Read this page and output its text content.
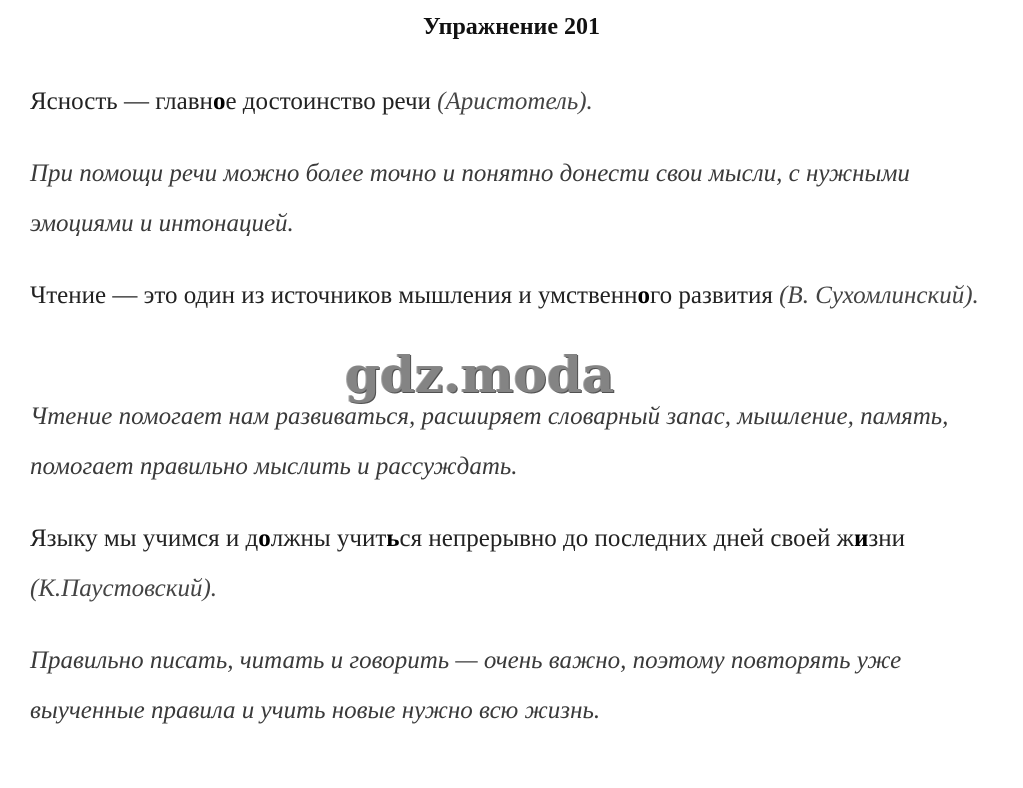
Упражнение 201

Ясность — главное достоинство речи (Аристотель).

При помощи речи можно более точно и понятно донести свои мысли, с нужными эмоциями и интонацией.

Чтение — это один из источников мышления и умственного развития (В. Сухомлинский).

Чтение помогает нам развиваться, расширяет словарный запас, мышление, память, помогает правильно мыслить и рассуждать.

Языку мы учимся и должны учиться непрерывно до последних дней своей жизни (К.Паустовский).

Правильно писать, читать и говорить — очень важно, поэтому повторять уже выученные правила и учить новые нужно всю жизнь.

gdz.moda
